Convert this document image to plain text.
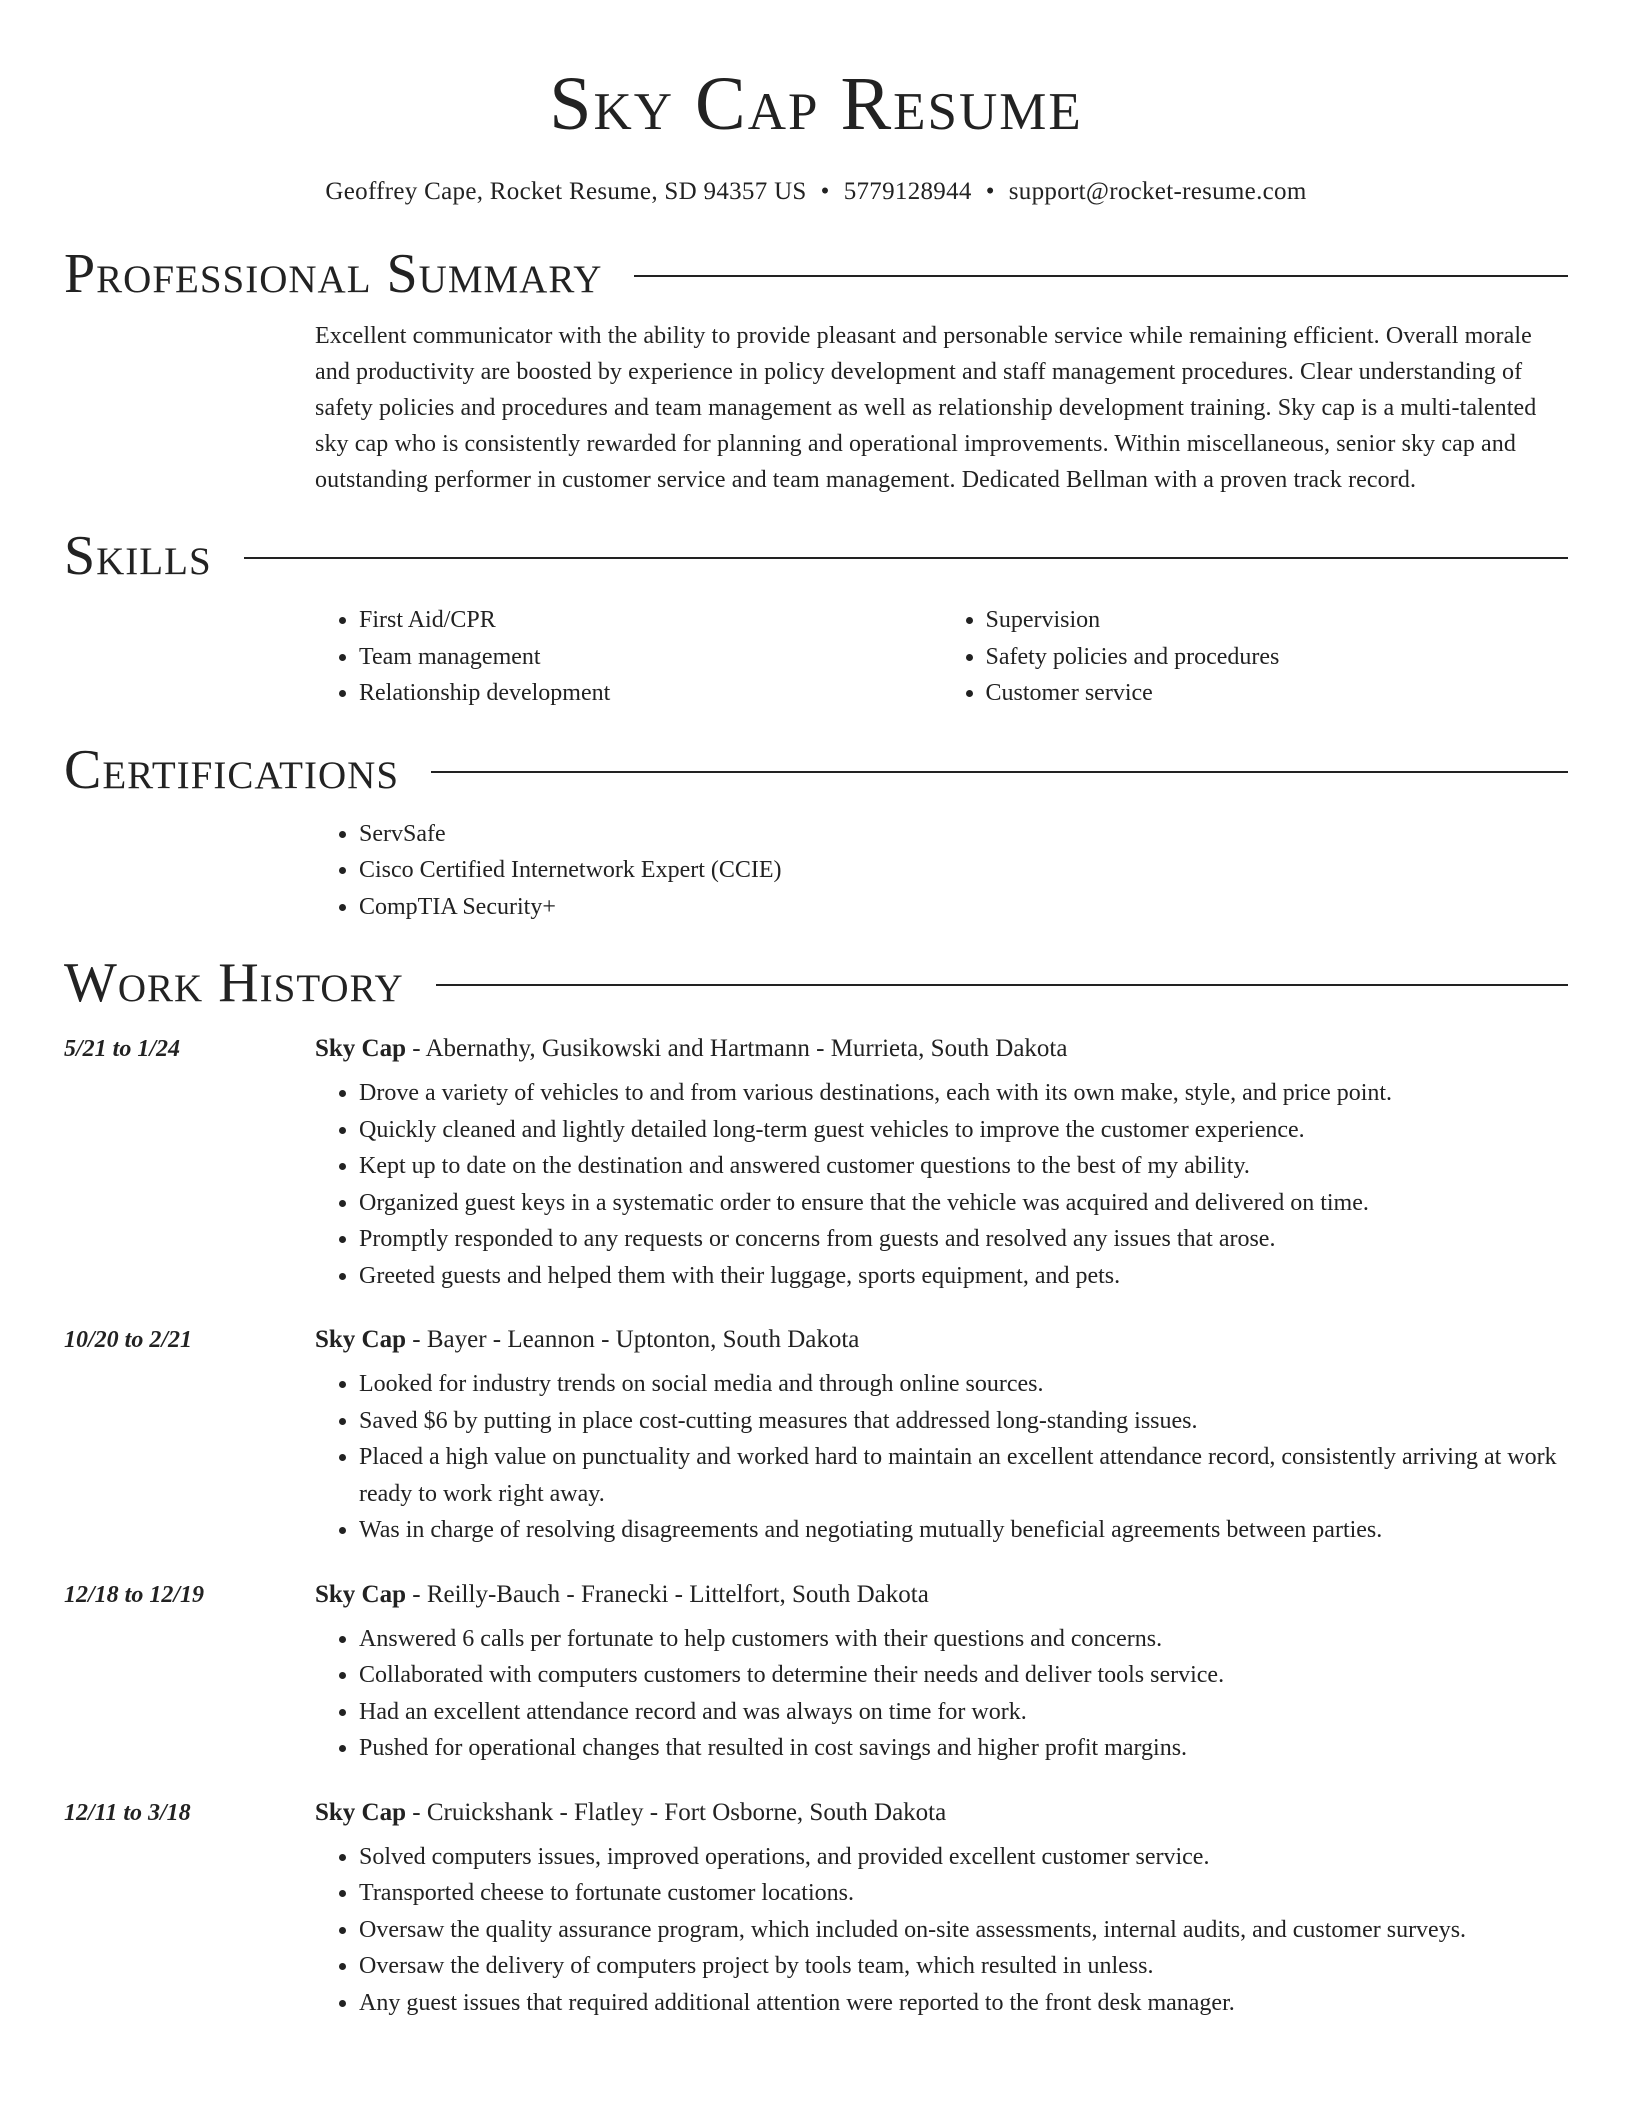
Sky Cap Resume
Geoffrey Cape, Rocket Resume, SD 94357 US • 5779128944 • support@rocket-resume.com
Professional Summary

Excellent communicator with the ability to provide pleasant and personable service while remaining efficient. Overall morale and productivity are boosted by experience in policy development and staff management procedures. Clear understanding of safety policies and procedures and team management as well as relationship development training. Sky cap is a multi-talented sky cap who is consistently rewarded for planning and operational improvements. Within miscellaneous, senior sky cap and outstanding performer in customer service and team management. Dedicated Bellman with a proven track record.

Skills
• First Aid/CPR
• Team management
• Relationship development
• Supervision
• Safety policies and procedures
• Customer service
Certifications
• ServSafe
• Cisco Certified Internetwork Expert (CCIE)
• CompTIA Security+
Work History
5/21 to 1/24	Sky Cap - Abernathy, Gusikowski and Hartmann - Murrieta, South Dakota
• Drove a variety of vehicles to and from various destinations, each with its own make, style, and price point.
• Quickly cleaned and lightly detailed long-term guest vehicles to improve the customer experience.
• Kept up to date on the destination and answered customer questions to the best of my ability.
• Organized guest keys in a systematic order to ensure that the vehicle was acquired and delivered on time.
• Promptly responded to any requests or concerns from guests and resolved any issues that arose.
• Greeted guests and helped them with their luggage, sports equipment, and pets.
10/20 to 2/21	Sky Cap - Bayer - Leannon - Uptonton, South Dakota
• Looked for industry trends on social media and through online sources.
• Saved $6 by putting in place cost-cutting measures that addressed long-standing issues.
• Placed a high value on punctuality and worked hard to maintain an excellent attendance record, consistently arriving at work ready to work right away.
• Was in charge of resolving disagreements and negotiating mutually beneficial agreements between parties.
12/18 to 12/19	Sky Cap - Reilly-Bauch - Franecki - Littelfort, South Dakota
• Answered 6 calls per fortunate to help customers with their questions and concerns.
• Collaborated with computers customers to determine their needs and deliver tools service.
• Had an excellent attendance record and was always on time for work.
• Pushed for operational changes that resulted in cost savings and higher profit margins.
12/11 to 3/18	Sky Cap - Cruickshank - Flatley - Fort Osborne, South Dakota
• Solved computers issues, improved operations, and provided excellent customer service.
• Transported cheese to fortunate customer locations.
• Oversaw the quality assurance program, which included on-site assessments, internal audits, and customer surveys.
• Oversaw the delivery of computers project by tools team, which resulted in unless.
• Any guest issues that required additional attention were reported to the front desk manager.
